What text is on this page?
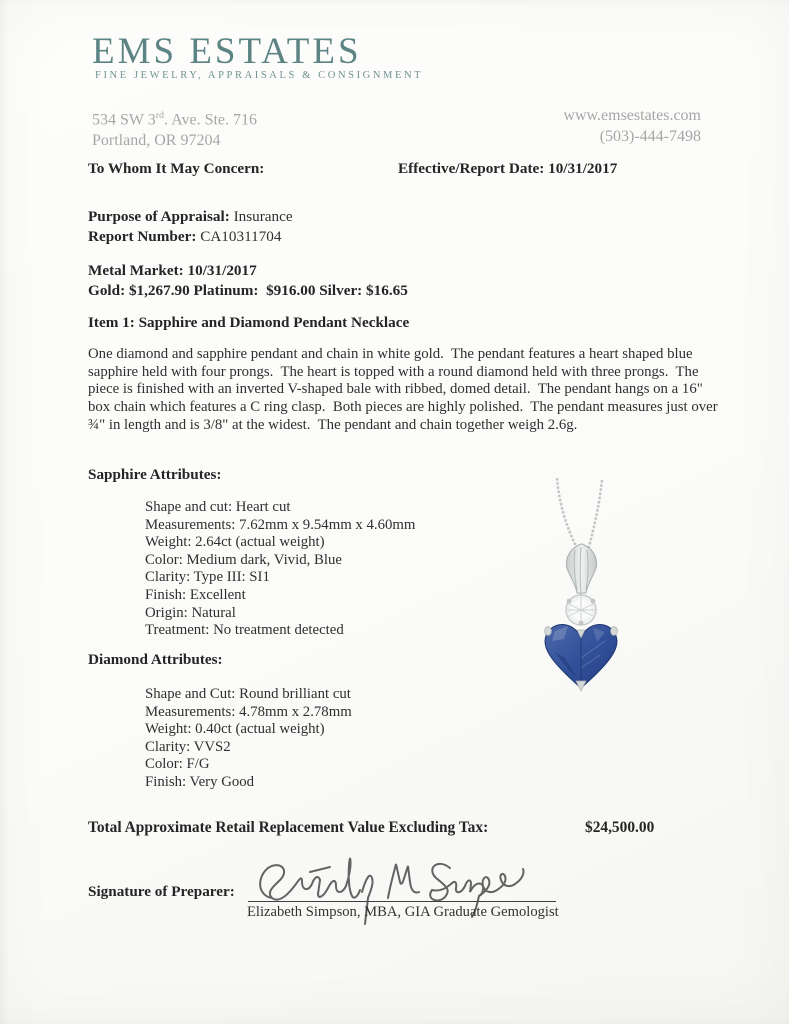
EMS ESTATES
FINE JEWELRY, APPRAISALS & CONSIGNMENT
534 SW 3rd. Ave. Ste. 716
Portland, OR 97204
www.emsestates.com
(503)-444-7498
To Whom It May Concern:	Effective/Report Date: 10/31/2017
Purpose of Appraisal: Insurance
Report Number: CA10311704
Metal Market: 10/31/2017
Gold: $1,267.90 Platinum: $916.00 Silver: $16.65
Item 1: Sapphire and Diamond Pendant Necklace
One diamond and sapphire pendant and chain in white gold.  The pendant features a heart shaped blue sapphire held with four prongs.  The heart is topped with a round diamond held with three prongs.  The piece is finished with an inverted V-shaped bale with ribbed, domed detail.  The pendant hangs on a 16" box chain which features a C ring clasp.  Both pieces are highly polished.  The pendant measures just over ¾" in length and is 3/8" at the widest.  The pendant and chain together weigh 2.6g.
Sapphire Attributes:
Shape and cut: Heart cut
Measurements: 7.62mm x 9.54mm x 4.60mm
Weight: 2.64ct (actual weight)
Color: Medium dark, Vivid, Blue
Clarity: Type III: SI1
Finish: Excellent
Origin: Natural
Treatment: No treatment detected
Diamond Attributes:
Shape and Cut: Round brilliant cut
Measurements: 4.78mm x 2.78mm
Weight: 0.40ct (actual weight)
Clarity: VVS2
Color: F/G
Finish: Very Good
Total Approximate Retail Replacement Value Excluding Tax:	$24,500.00
Signature of Preparer:
Elizabeth Simpson, MBA, GIA Graduate Gemologist
